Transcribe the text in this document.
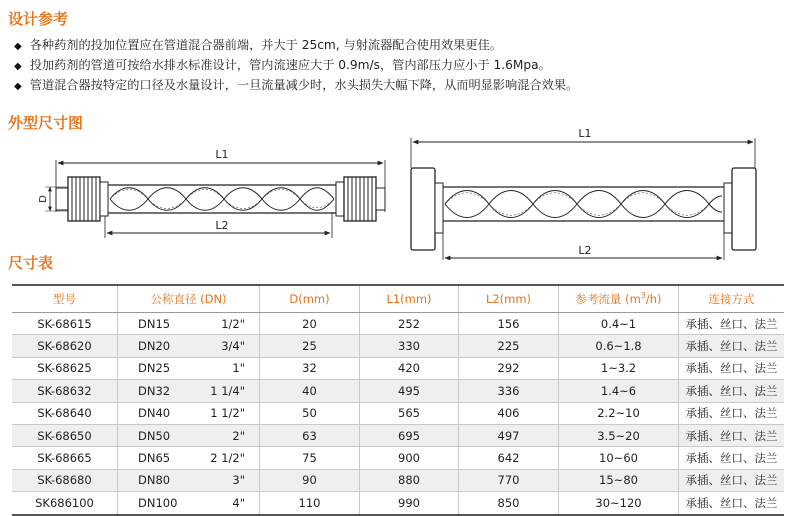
设计参考
◆ 各种药剂的投加位置应在管道混合器前端，并大于 25cm, 与射流器配合使用效果更佳。
◆ 投加药剂的管道可按给水排水标准设计，管内流速应大于 0.9m/s，管内部压力应小于 1.6Mpa。
◆ 管道混合器按特定的口径及水量设计，一旦流量减少时，水头损失大幅下降，从而明显影响混合效果。
外型尺寸图
L1
L2
D
L1
L2
尺寸表
型号	公称直径 (DN)	D(mm)	L1(mm)	L2(mm)	参考流量 $(m^3/h)$	连接方式
SK-68615	DN15 1/2"	20	252	156	0.4~1	承插、丝口、法兰
SK-68620	DN20 3/4"	25	330	225	0.6~1.8	承插、丝口、法兰
SK-68625	DN25 1"	32	420	292	1~3.2	承插、丝口、法兰
SK-68632	DN32 1 1/4"	40	495	336	1.4~6	承插、丝口、法兰
SK-68640	DN40 1 1/2"	50	565	406	2.2~10	承插、丝口、法兰
SK-68650	DN50 2"	63	695	497	3.5~20	承插、丝口、法兰
SK-68665	DN65 2 1/2"	75	900	642	10~60	承插、丝口、法兰
SK-68680	DN80 3"	90	880	770	15~80	承插、丝口、法兰
SK686100	DN100 4"	110	990	850	30~120	承插、丝口、法兰
